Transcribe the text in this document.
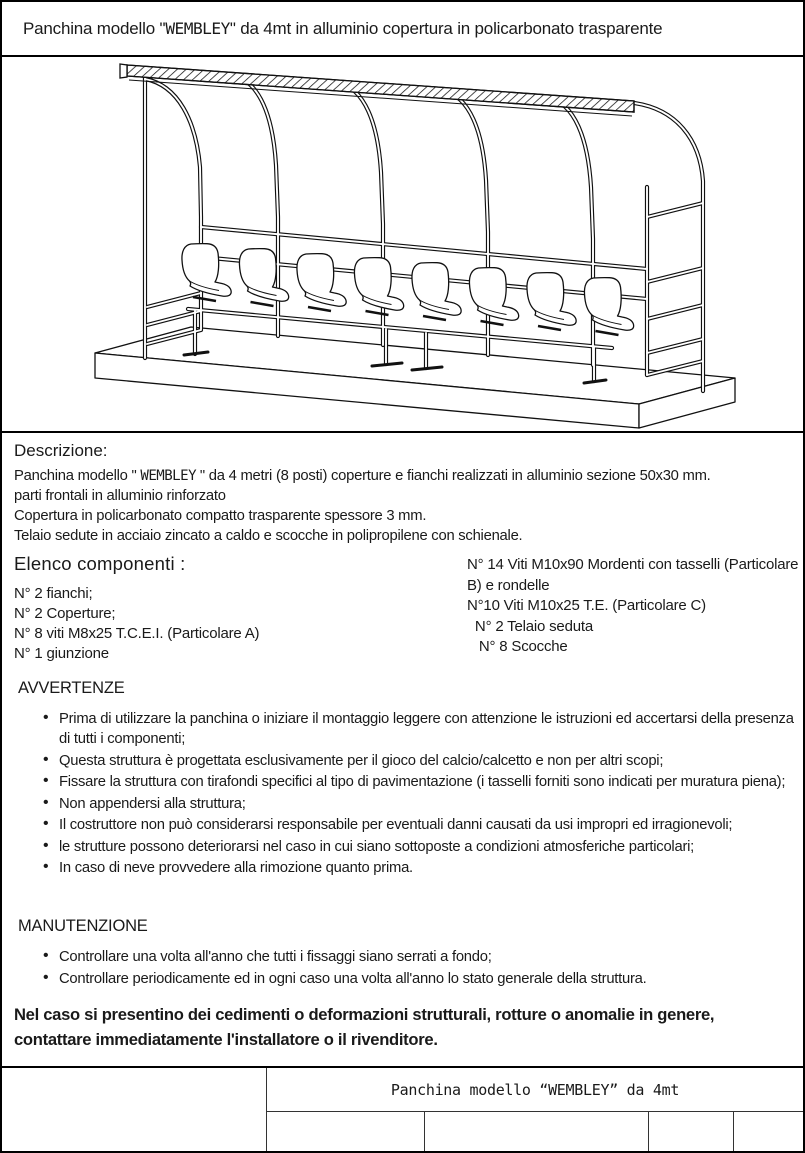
Panchina modello "WEMBLEY" da 4mt in alluminio copertura in policarbonato trasparente
Descrizione:
Panchina modello " WEMBLEY " da 4 metri (8 posti) coperture e fianchi realizzati in alluminio sezione 50x30 mm.
parti frontali in alluminio rinforzato
Copertura in policarbonato compatto trasparente spessore 3 mm.
Telaio sedute in acciaio zincato a caldo e scocche in polipropilene con schienale.
Elenco componenti :
N° 2 fianchi;
N° 2 Coperture;
N° 8 viti M8x25 T.C.E.I. (Particolare A)
N° 1 giunzione
N° 14 Viti M10x90 Mordenti con tasselli (Particolare B) e rondelle
N°10 Viti M10x25 T.E. (Particolare C)
N° 2 Telaio seduta
N° 8 Scocche
AVVERTENZE
• Prima di utilizzare la panchina o iniziare il montaggio leggere con attenzione le istruzioni ed accertarsi della presenza di tutti i componenti;
• Questa struttura è progettata esclusivamente per il gioco del calcio/calcetto e non per altri scopi;
• Fissare la struttura con tirafondi specifici al tipo di pavimentazione (i tasselli forniti sono indicati per muratura piena);
• Non appendersi alla struttura;
• Il costruttore non può considerarsi responsabile per eventuali danni causati da usi impropri ed irragionevoli;
• le strutture possono deteriorarsi nel caso in cui siano sottoposte a condizioni atmosferiche particolari;
• In caso di neve provvedere alla rimozione quanto prima.
MANUTENZIONE
• Controllare una volta all'anno che tutti i fissaggi siano serrati a fondo;
• Controllare periodicamente ed in ogni caso una volta all'anno lo stato generale della struttura.
Nel caso si presentino dei cedimenti o deformazioni strutturali, rotture o anomalie in genere,
contattare immediatamente l'installatore o il rivenditore.
Panchina modello “ WEMBLEY ” da 4mt
